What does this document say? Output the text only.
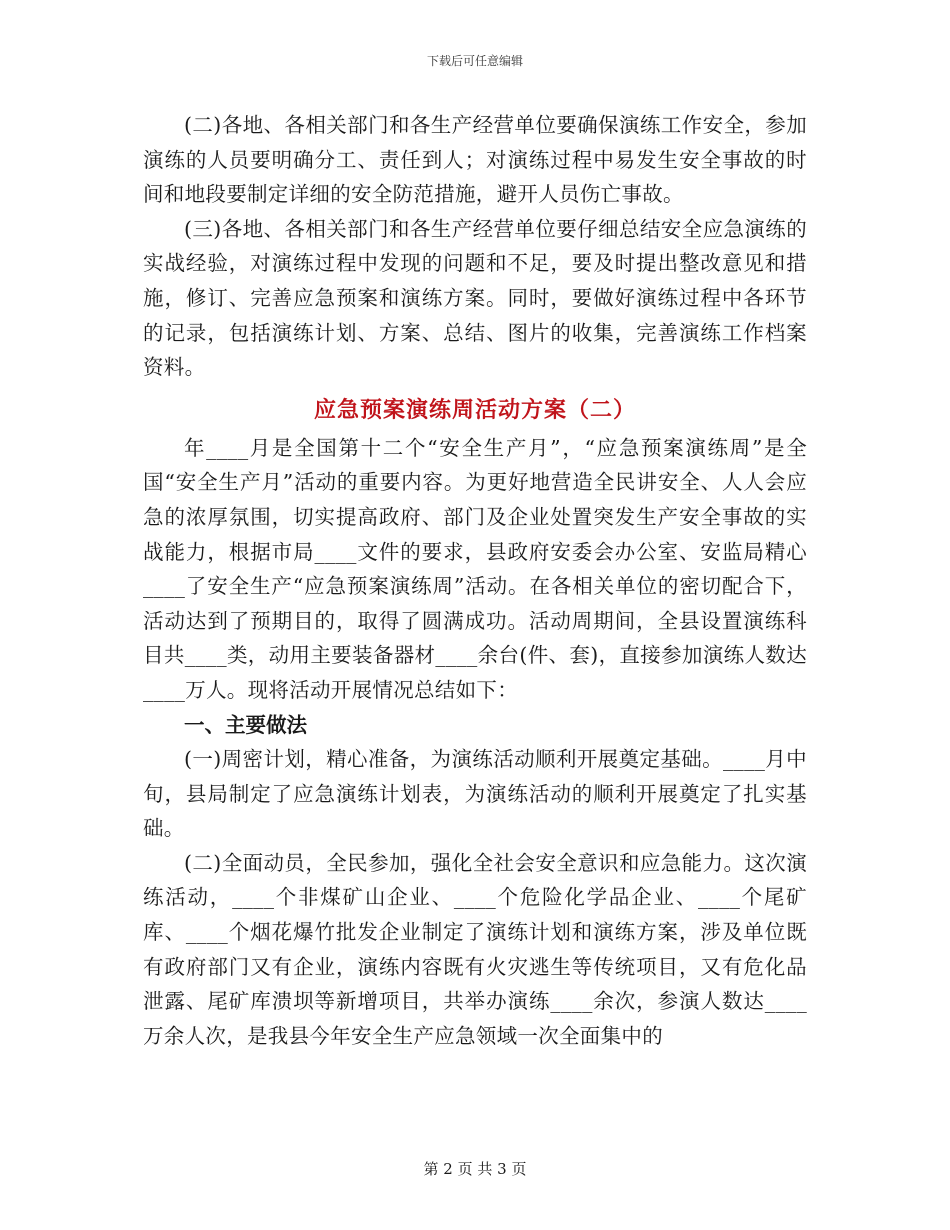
下载后可任意编辑

(二)各地、各相关部门和各生产经营单位要确保演练工作安全，参加演练的人员要明确分工、责任到人；对演练过程中易发生安全事故的时间和地段要制定详细的安全防范措施，避开人员伤亡事故。

(三)各地、各相关部门和各生产经营单位要仔细总结安全应急演练的实战经验，对演练过程中发现的问题和不足，要及时提出整改意见和措施，修订、完善应急预案和演练方案。同时，要做好演练过程中各环节的记录，包括演练计划、方案、总结、图片的收集，完善演练工作档案资料。

应急预案演练周活动方案（二）

年____月是全国第十二个“安全生产月”，“应急预案演练周”是全国“安全生产月”活动的重要内容。为更好地营造全民讲安全、人人会应急的浓厚氛围，切实提高政府、部门及企业处置突发生产安全事故的实战能力，根据市局____文件的要求，县政府安委会办公室、安监局精心____了安全生产“应急预案演练周”活动。在各相关单位的密切配合下，活动达到了预期目的，取得了圆满成功。活动周期间，全县设置演练科目共____类，动用主要装备器材____余台(件、套)，直接参加演练人数达____万人。现将活动开展情况总结如下：

一、主要做法

(一)周密计划，精心准备，为演练活动顺利开展奠定基础。____月中旬，县局制定了应急演练计划表，为演练活动的顺利开展奠定了扎实基础。

(二)全面动员，全民参加，强化全社会安全意识和应急能力。这次演练活动，____个非煤矿山企业、____个危险化学品企业、____个尾矿库、____个烟花爆竹批发企业制定了演练计划和演练方案，涉及单位既有政府部门又有企业，演练内容既有火灾逃生等传统项目，又有危化品泄露、尾矿库溃坝等新增项目，共举办演练____余次，参演人数达____万余人次，是我县今年安全生产应急领域一次全面集中的

第 2 页 共 3 页
